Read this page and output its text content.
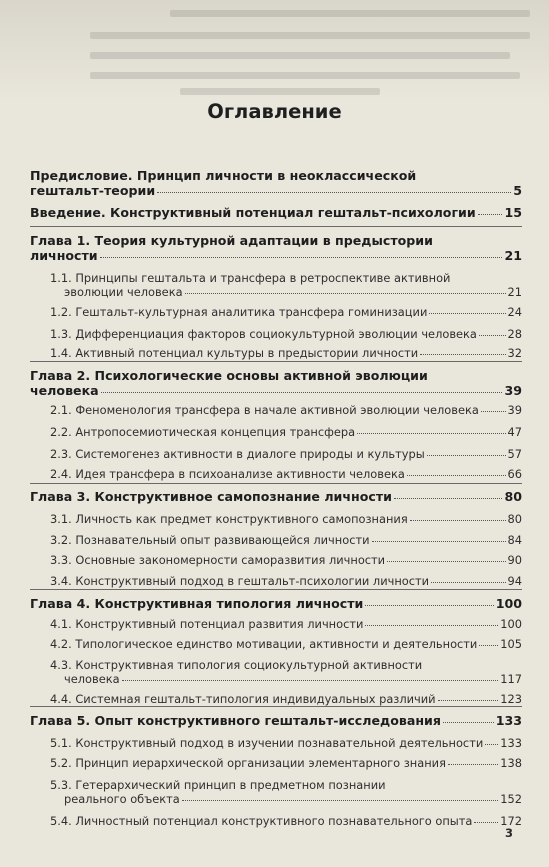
Оглавление
Предисловие. Принцип личности в неоклассической
гештальт-теории	5
Введение. Конструктивный потенциал гештальт-психологии 15
Глава 1. Теория культурной адаптации в предыстории
личности	21
1.1. Принципы гештальта и трансфера в ретроспективе активной
эволюции человека	21
1.2. Гештальт-культурная аналитика трансфера гоминизации	24
1.3. Дифференциация факторов социокультурной эволюции человека	28
1.4. Активный потенциал культуры в предыстории личности	32
Глава 2. Психологические основы активной эволюции
человека	39
2.1. Феноменология трансфера в начале активной эволюции человека	39
2.2. Антропосемиотическая концепция трансфера	47
2.3. Системогенез активности в диалоге природы и культуры	57
2.4. Идея трансфера в психоанализе активности человека	66
Глава 3. Конструктивное самопознание личности	80
3.1. Личность как предмет конструктивного самопознания	80
3.2. Познавательный опыт развивающейся личности	84
3.3. Основные закономерности саморазвития личности	90
3.4. Конструктивный подход в гештальт-психологии личности	94
Глава 4. Конструктивная типология личности	100
4.1. Конструктивный потенциал развития личности	100
4.2. Типологическое единство мотивации, активности и деятельности 105
4.3. Конструктивная типология социокультурной активности
человека	117
4.4. Системная гештальт-типология индивидуальных различий	123
Глава 5. Опыт конструктивного гештальт-исследования	133
5.1. Конструктивный подход в изучении познавательной деятельности 133
5.2. Принцип иерархической организации элементарного знания	138
5.3. Гетерархический принцип в предметном познании
реального объекта	152
5.4. Личностный потенциал конструктивного познавательного опыта 172
3
